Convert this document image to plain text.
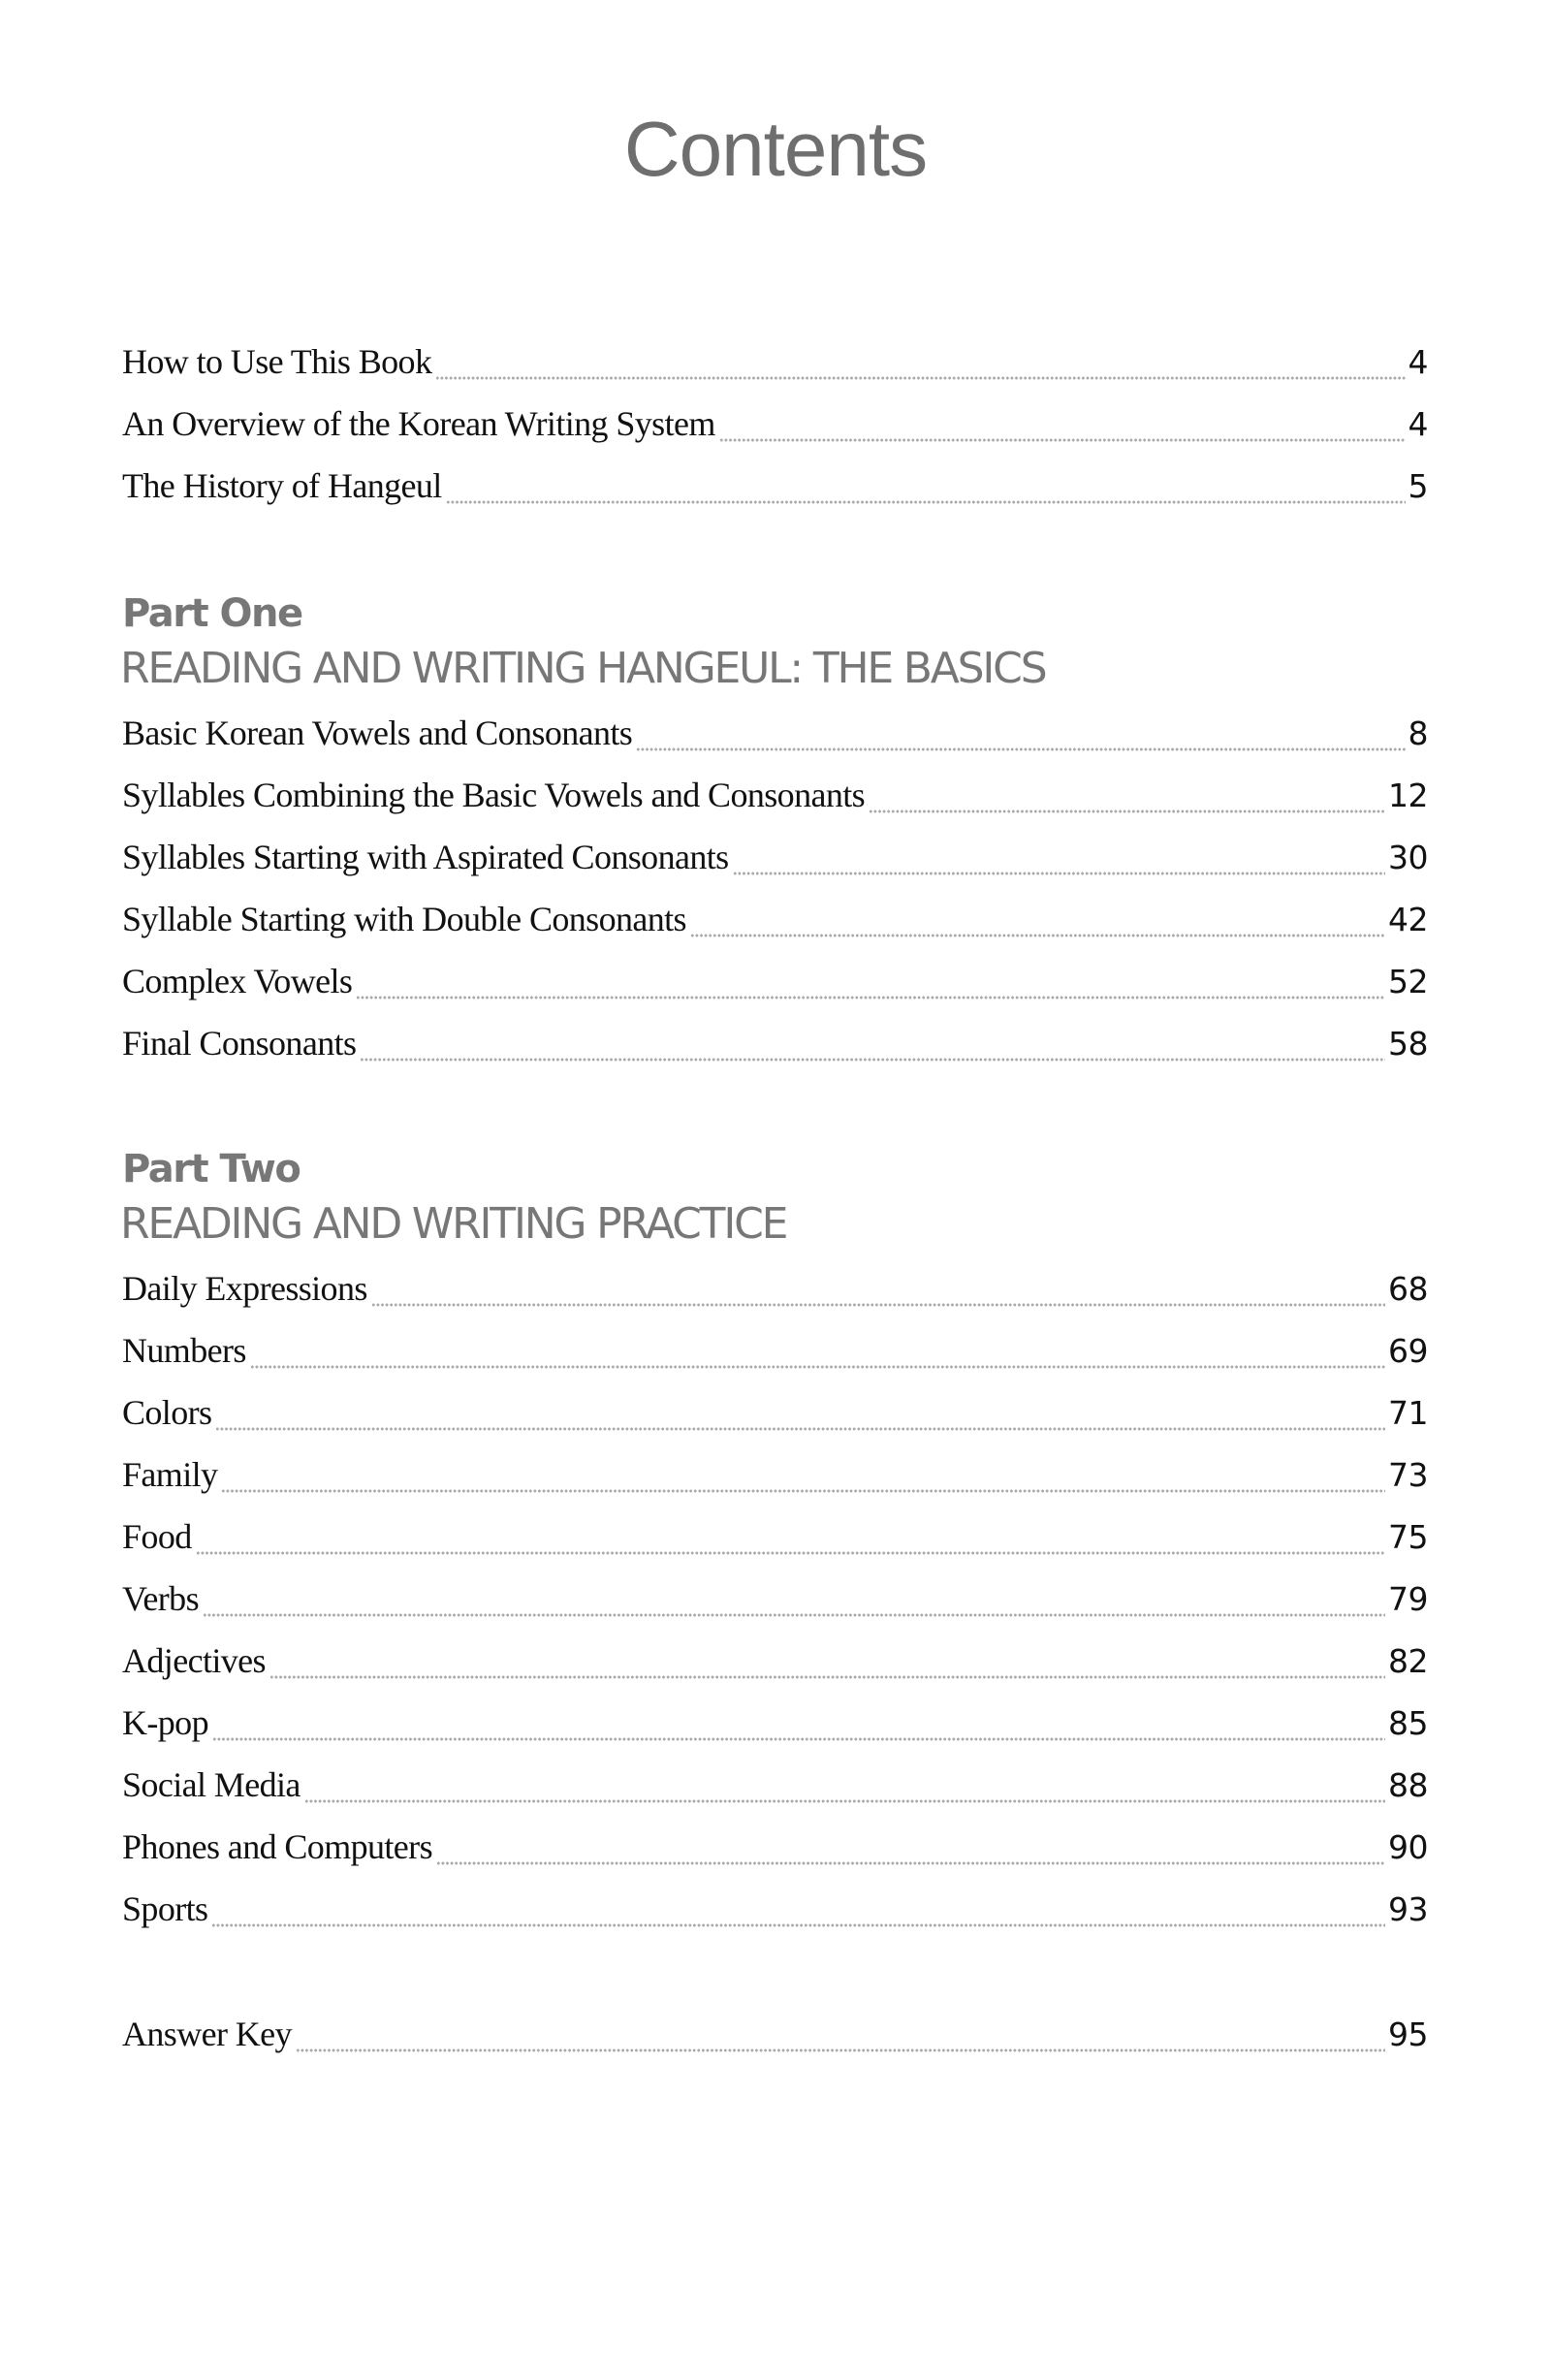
Contents
How to Use This Book	4
An Overview of the Korean Writing System	4
The History of Hangeul	5
Part One
READING AND WRITING HANGEUL: THE BASICS
Basic Korean Vowels and Consonants	8
Syllables Combining the Basic Vowels and Consonants	12
Syllables Starting with Aspirated Consonants	30
Syllable Starting with Double Consonants	42
Complex Vowels	52
Final Consonants	58
Part Two
READING AND WRITING PRACTICE
Daily Expressions	68
Numbers	69
Colors	71
Family	73
Food	75
Verbs	79
Adjectives	82
K-pop	85
Social Media	88
Phones and Computers	90
Sports	93
Answer Key	95
